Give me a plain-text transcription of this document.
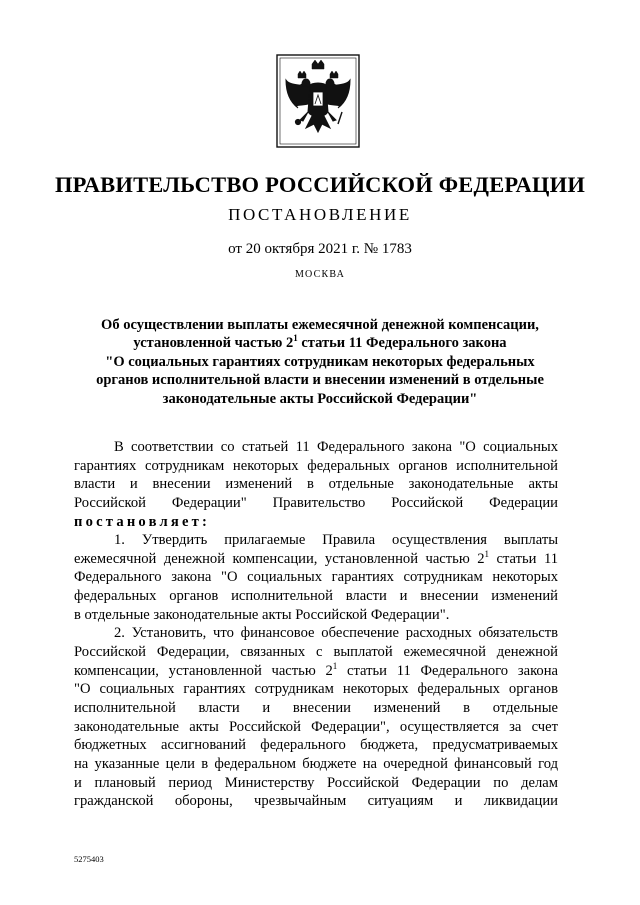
ПРАВИТЕЛЬСТВО РОССИЙСКОЙ ФЕДЕРАЦИИ
ПОСТАНОВЛЕНИЕ
от 20 октября 2021 г. № 1783
МОСКВА
Об осуществлении выплаты ежемесячной денежной компенсации,
установленной частью $2^1$ статьи 11 Федерального закона
"О социальных гарантиях сотрудникам некоторых федеральных
органов исполнительной власти и внесении изменений в отдельные
законодательные акты Российской Федерации"
В соответствии со статьей 11 Федерального закона "О социальных
гарантиях сотрудникам некоторых федеральных органов исполнительной
власти и внесении изменений в отдельные законодательные акты
Российской Федерации" Правительство Российской Федерации
постановляет:
1. Утвердить прилагаемые Правила осуществления выплаты
ежемесячной денежной компенсации, установленной частью $2^1$ статьи 11
Федерального закона "О социальных гарантиях сотрудникам некоторых
федеральных органов исполнительной власти и внесении изменений
в отдельные законодательные акты Российской Федерации".
2. Установить, что финансовое обеспечение расходных обязательств
Российской Федерации, связанных с выплатой ежемесячной денежной
компенсации, установленной частью $2^1$ статьи 11 Федерального закона
"О социальных гарантиях сотрудникам некоторых федеральных органов
исполнительной власти и внесении изменений в отдельные
законодательные акты Российской Федерации", осуществляется за счет
бюджетных ассигнований федерального бюджета, предусматриваемых
на указанные цели в федеральном бюджете на очередной финансовый год
и плановый период Министерству Российской Федерации по делам
гражданской обороны, чрезвычайным ситуациям и ликвидации
5275403
